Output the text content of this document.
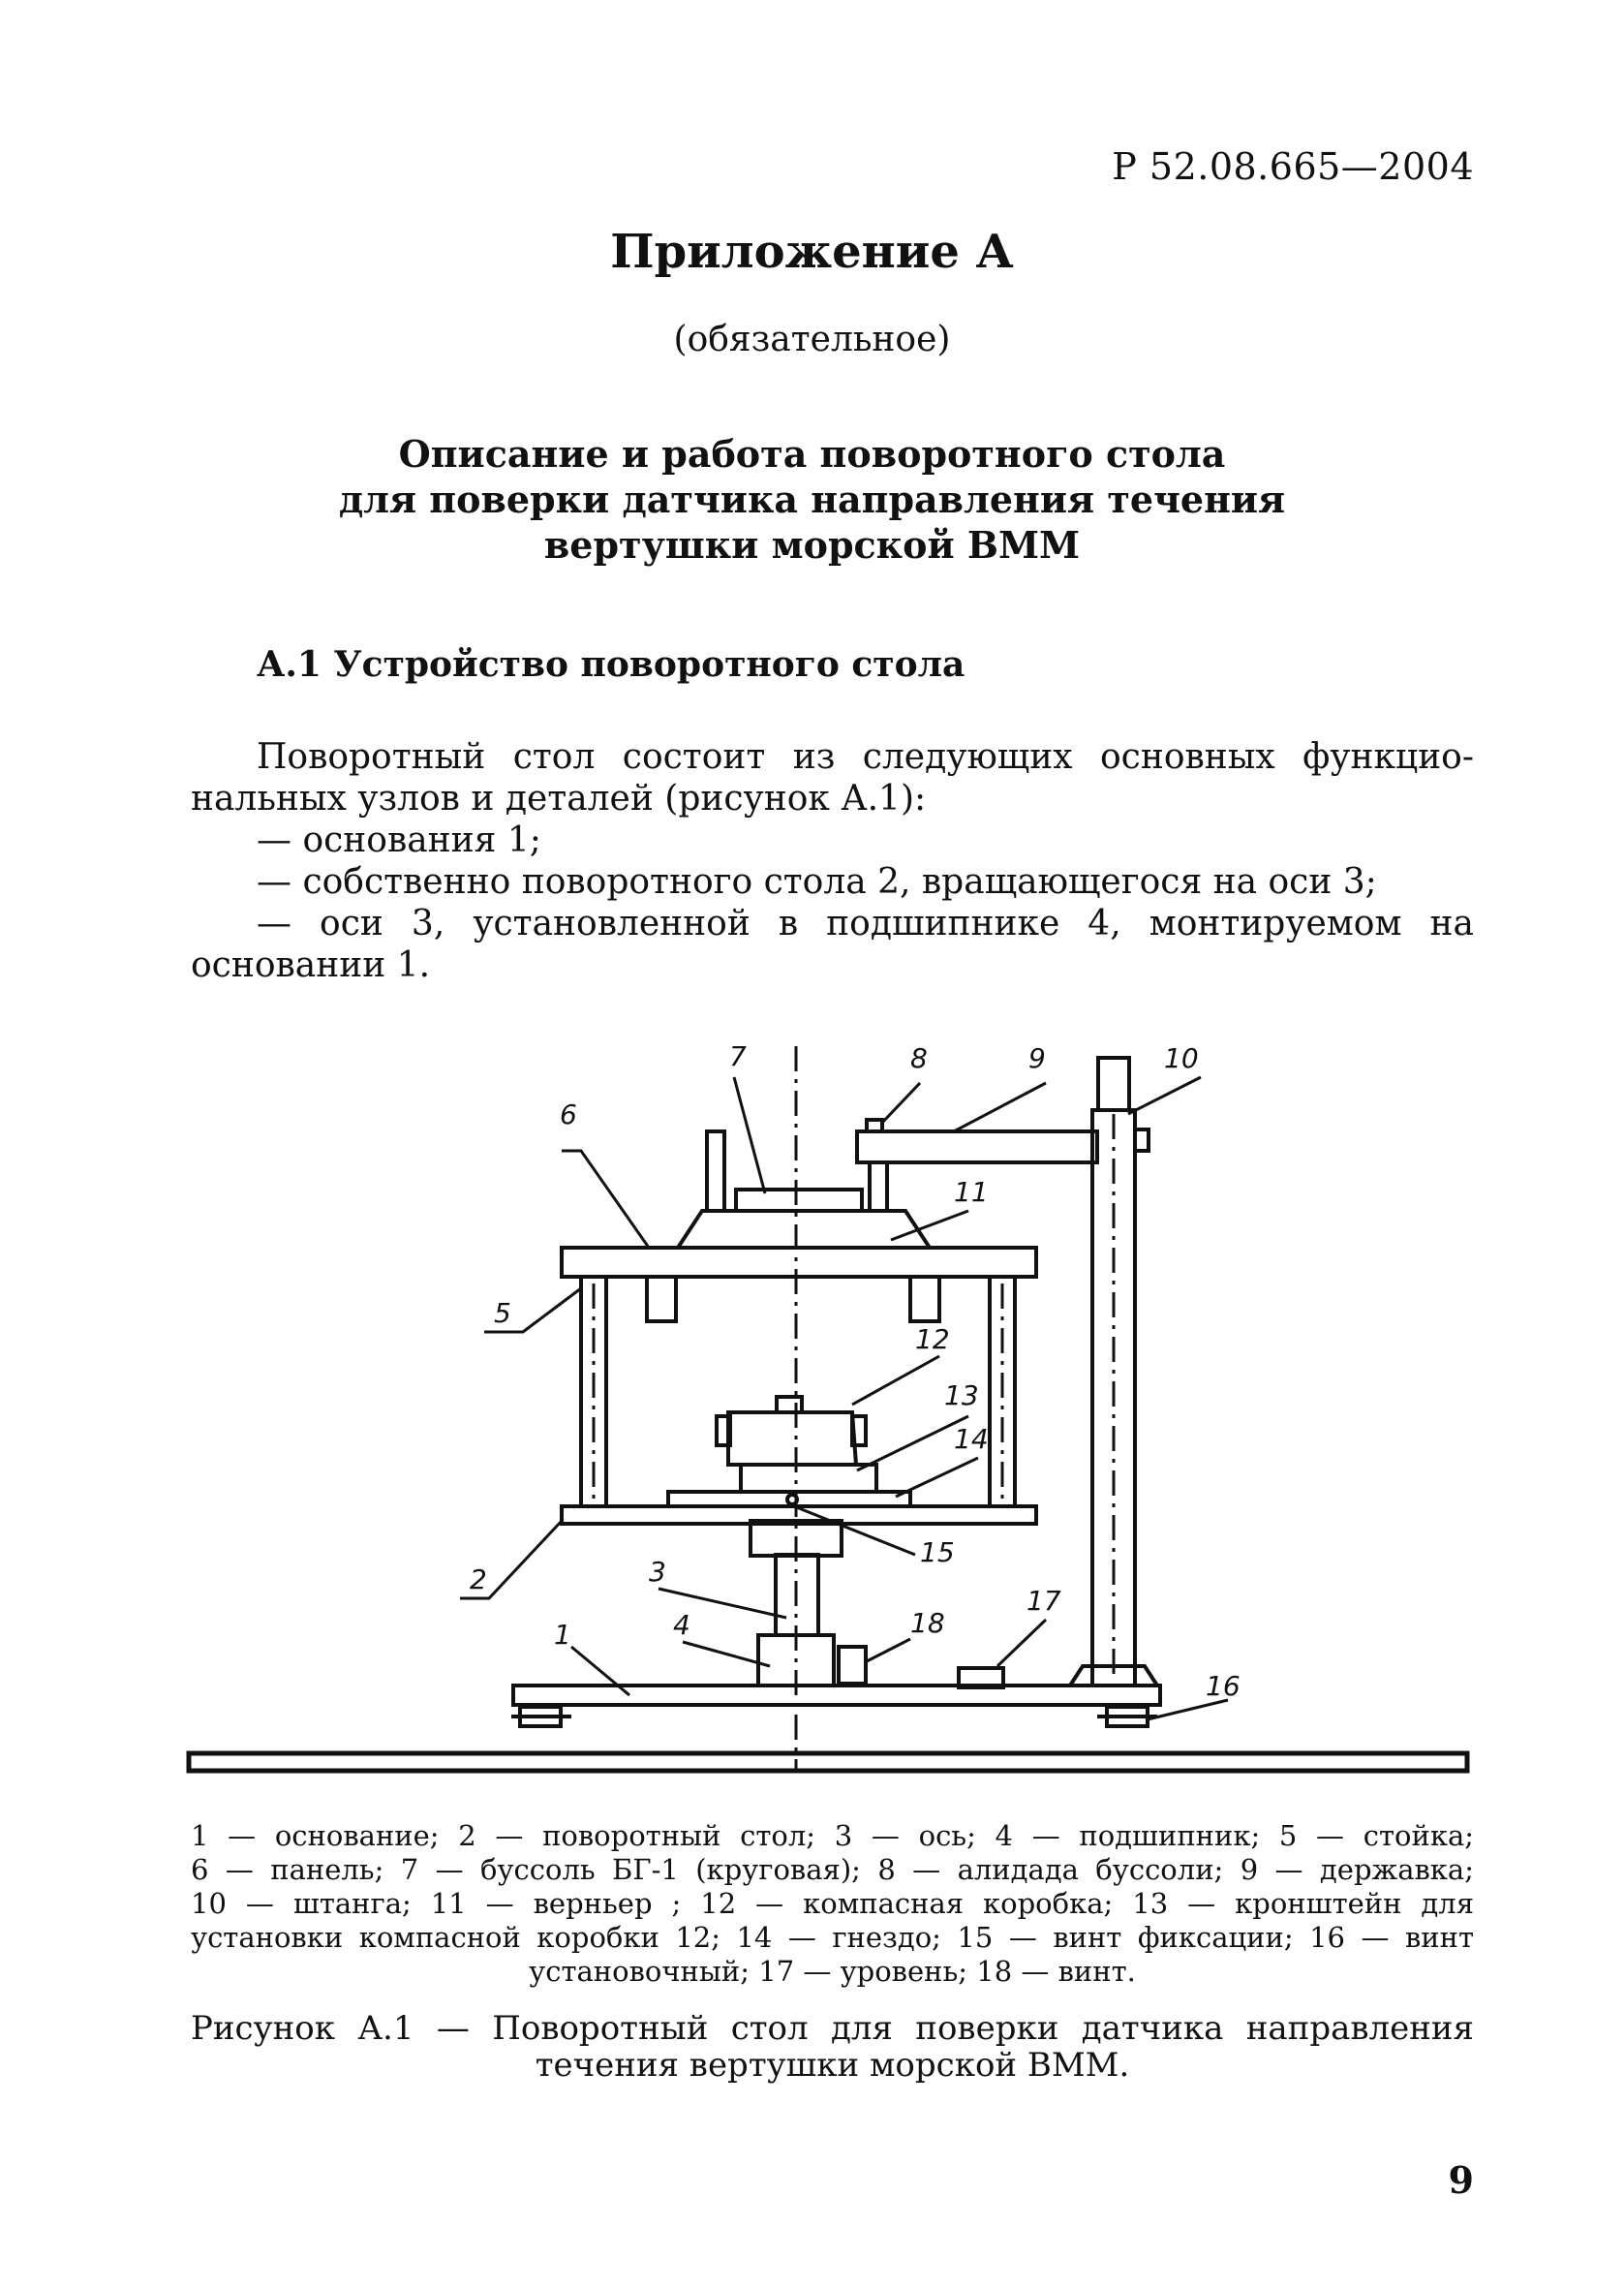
Р 52.08.665—2004
Приложение А
(обязательное)
Описание и работа поворотного стола
для поверки датчика направления течения
вертушки морской ВММ
А.1 Устройство поворотного стола
Поворотный стол состоит из следующих основных функцио-
нальных узлов и деталей (рисунок А.1):
— основания 1;
— собственно поворотного стола 2, вращающегося на оси 3;
— оси 3, установленной в подшипнике 4, монтируемом на
основании 1.
1
2	3
4
5
6
7	8	9	10
11
12
13
14
15
16
17
18
1 — основание; 2 — поворотный стол; 3 — ось; 4 — подшипник; 5 — стойка;
6 — панель; 7 — буссоль БГ-1 (круговая); 8 — алидада буссоли; 9 — державка;
10 — штанга; 11 — верньер ; 12 — компасная коробка; 13 — кронштейн для
установки компасной коробки 12; 14 — гнездо; 15 — винт фиксации; 16 — винт
установочный; 17 — уровень; 18 — винт.
Рисунок А.1 — Поворотный стол для поверки датчика направления
течения вертушки морской ВММ.
9
